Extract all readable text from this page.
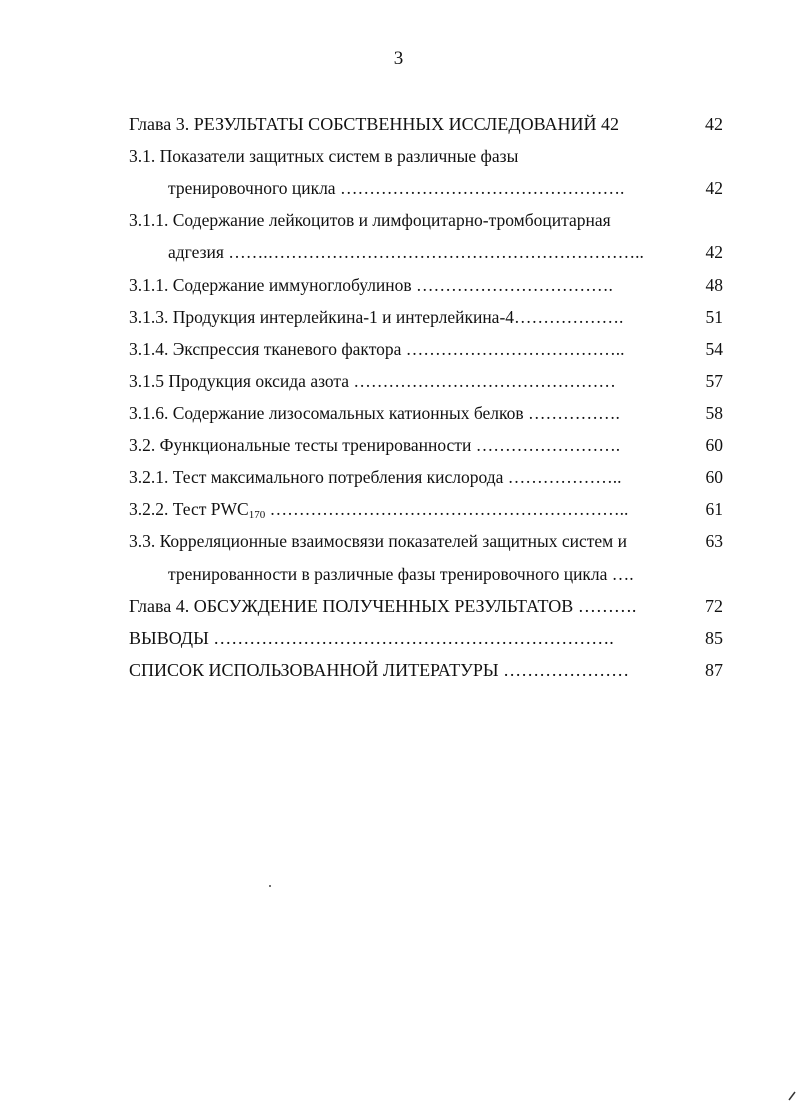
3
Глава 3. РЕЗУЛЬТАТЫ СОБСТВЕННЫХ ИССЛЕДОВАНИЙ 42	42
3.1. Показатели защитных систем в различные фазы
тренировочного цикла ………………………………………….	42
3.1.1. Содержание лейкоцитов и лимфоцитарно-тромбоцитарная
адгезия …….………………………………………………………..	42
3.1.1. Содержание иммуноглобулинов …………………………….	48
3.1.3. Продукция интерлейкина-1 и интерлейкина-4……………….	51
3.1.4. Экспрессия тканевого фактора ………………………………..	54
3.1.5 Продукция оксида азота ………………………………………	57
3.1.6. Содержание лизосомальных катионных белков …………….	58
3.2. Функциональные тесты тренированности …………………….	60
3.2.1. Тест максимального потребления кислорода ………………..	60
3.2.2. Тест $PWC_{170}$ ……………………………………………………..	61
3.3. Корреляционные взаимосвязи показателей защитных систем и	63
тренированности в различные фазы тренировочного цикла ….
Глава 4. ОБСУЖДЕНИЕ ПОЛУЧЕННЫХ РЕЗУЛЬТАТОВ ……….	72
ВЫВОДЫ ………………………………………………………….	85
СПИСОК ИСПОЛЬЗОВАННОЙ ЛИТЕРАТУРЫ …………………	87
